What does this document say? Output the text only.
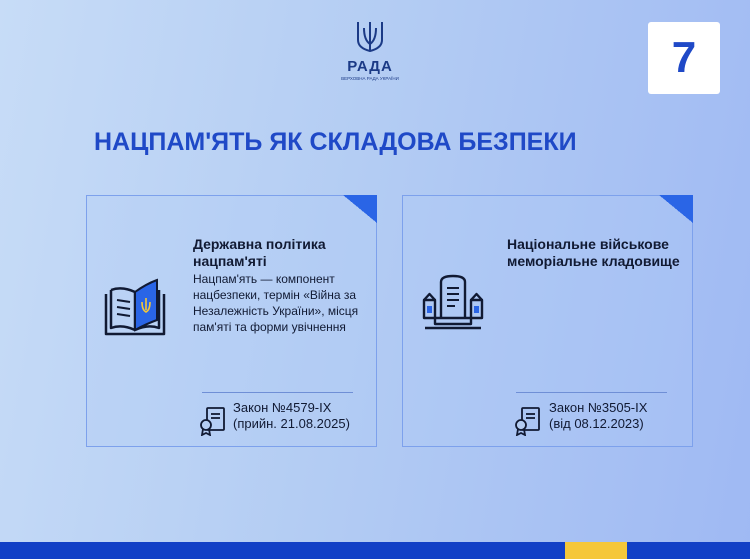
РАДА
ВЕРХОВНА РАДА УКРАЇНИ	7
НАЦПАМ'ЯТЬ ЯК СКЛАДОВА БЕЗПЕКИ
Державна політика нацпам'яті
Нацпам'ять — компонент нацбезпеки, термін «Війна за Незалежність України», місця пам'яті та форми увічнення
Закон №4579-IX
(прийн. 21.08.2025)
Національне військове меморіальне кладовище
Закон №3505-IX
(від 08.12.2023)
